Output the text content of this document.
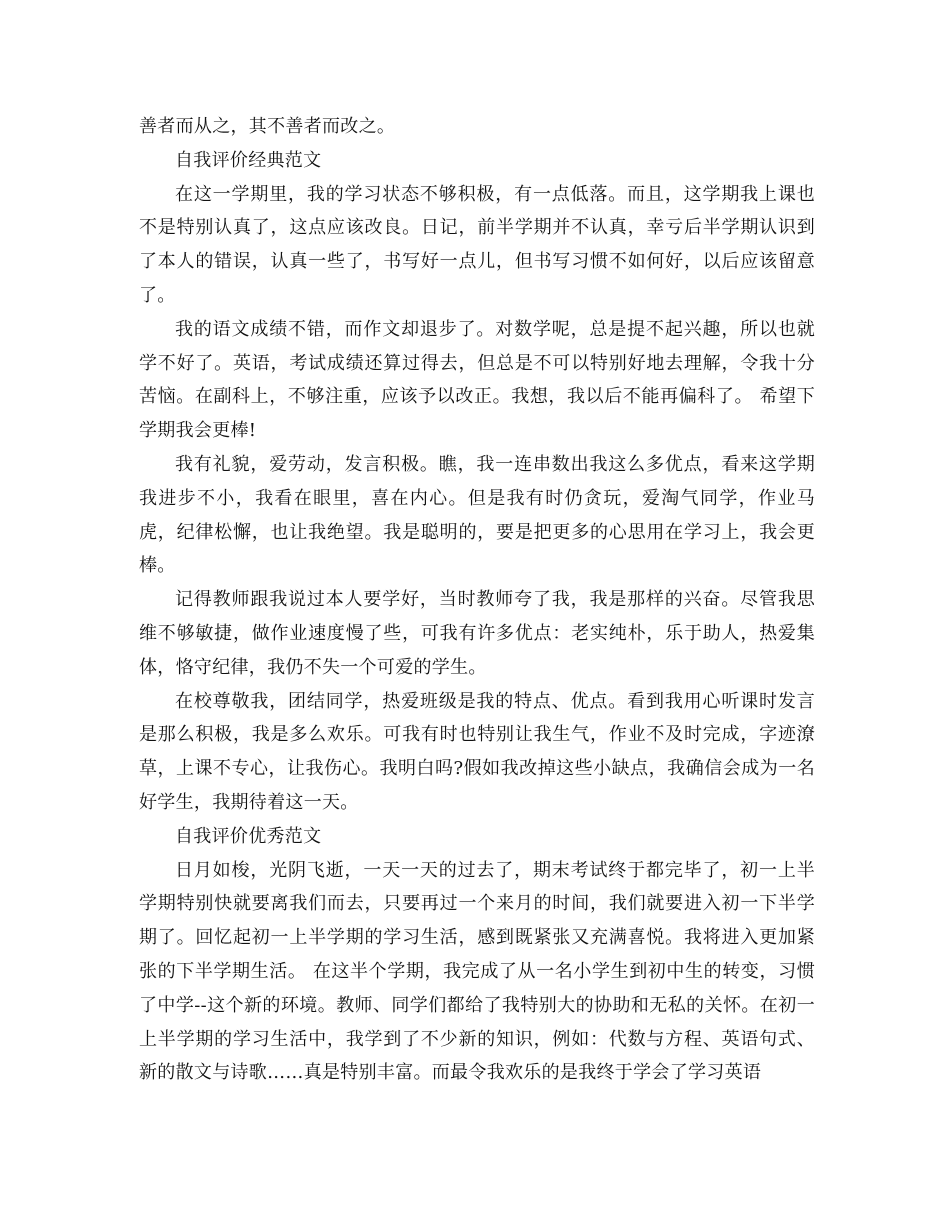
善者而从之，其不善者而改之。

自我评价经典范文

在这一学期里，我的学习状态不够积极，有一点低落。而且，这学期我上课也不是特别认真了，这点应该改良。日记，前半学期并不认真，幸亏后半学期认识到了本人的错误，认真一些了，书写好一点儿，但书写习惯不如何好，以后应该留意了。

我的语文成绩不错，而作文却退步了。对数学呢，总是提不起兴趣，所以也就学不好了。英语，考试成绩还算过得去，但总是不可以特别好地去理解，令我十分苦恼。在副科上，不够注重，应该予以改正。我想，我以后不能再偏科了。 希望下学期我会更棒!

我有礼貌，爱劳动，发言积极。瞧，我一连串数出我这么多优点，看来这学期我进步不小，我看在眼里，喜在内心。但是我有时仍贪玩，爱淘气同学，作业马虎，纪律松懈，也让我绝望。我是聪明的，要是把更多的心思用在学习上，我会更棒。

记得教师跟我说过本人要学好，当时教师夸了我，我是那样的兴奋。尽管我思维不够敏捷，做作业速度慢了些，可我有许多优点：老实纯朴，乐于助人，热爱集体，恪守纪律，我仍不失一个可爱的学生。

在校尊敬我，团结同学，热爱班级是我的特点、优点。看到我用心听课时发言是那么积极，我是多么欢乐。可我有时也特别让我生气，作业不及时完成，字迹潦草，上课不专心，让我伤心。我明白吗?假如我改掉这些小缺点，我确信会成为一名好学生，我期待着这一天。

自我评价优秀范文

日月如梭，光阴飞逝，一天一天的过去了，期末考试终于都完毕了，初一上半学期特别快就要离我们而去，只要再过一个来月的时间，我们就要进入初一下半学期了。回忆起初一上半学期的学习生活，感到既紧张又充满喜悦。我将进入更加紧张的下半学期生活。 在这半个学期，我完成了从一名小学生到初中生的转变，习惯了中学--这个新的环境。教师、同学们都给了我特别大的协助和无私的关怀。在初一上半学期的学习生活中，我学到了不少新的知识，例如：代数与方程、英语句式、新的散文与诗歌……真是特别丰富。而最令我欢乐的是我终于学会了学习英语
